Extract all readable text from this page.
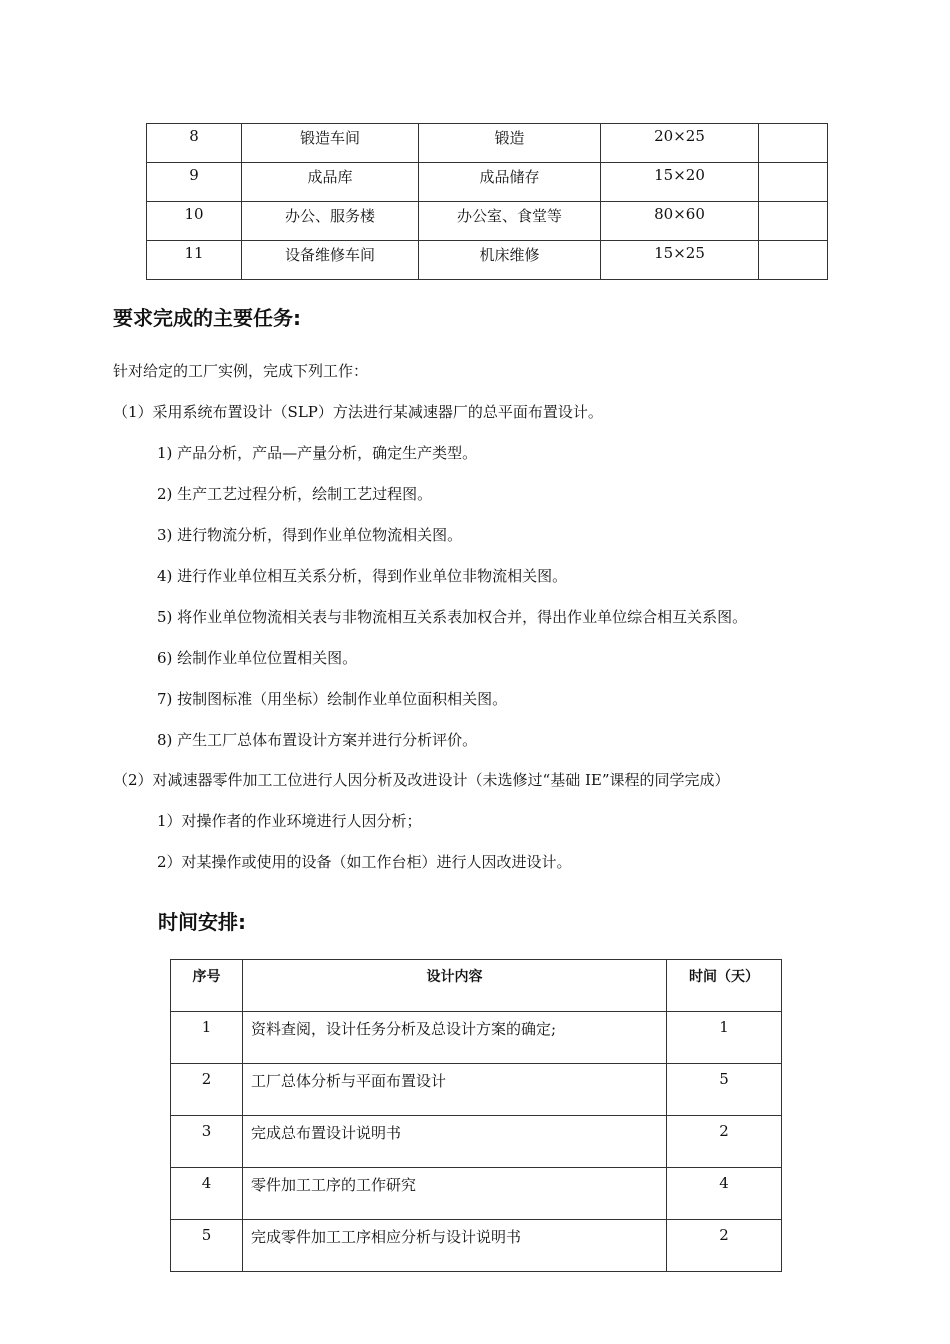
8	锻造车间	锻造	20×25	
9	成品库	成品储存	15×20	
10	办公、服务楼	办公室、食堂等	80×60	
11	设备维修车间	机床维修	15×25	
要求完成的主要任务:
针对给定的工厂实例，完成下列工作：
（1）采用系统布置设计（SLP）方法进行某减速器厂的总平面布置设计。
1) 产品分析，产品—产量分析，确定生产类型。
2) 生产工艺过程分析，绘制工艺过程图。
3) 进行物流分析，得到作业单位物流相关图。
4) 进行作业单位相互关系分析，得到作业单位非物流相关图。
5) 将作业单位物流相关表与非物流相互关系表加权合并，得出作业单位综合相互关系图。
6) 绘制作业单位位置相关图。
7) 按制图标准（用坐标）绘制作业单位面积相关图。
8) 产生工厂总体布置设计方案并进行分析评价。
（2）对减速器零件加工工位进行人因分析及改进设计（未选修过“基础 IE”课程的同学完成）
1）对操作者的作业环境进行人因分析；
2）对某操作或使用的设备（如工作台柜）进行人因改进设计。
时间安排:
序号	设计内容	时间（天）
1	资料查阅，设计任务分析及总设计方案的确定;	1
2	工厂总体分析与平面布置设计	5
3	完成总布置设计说明书	2
4	零件加工工序的工作研究	4
5	完成零件加工工序相应分析与设计说明书	2
